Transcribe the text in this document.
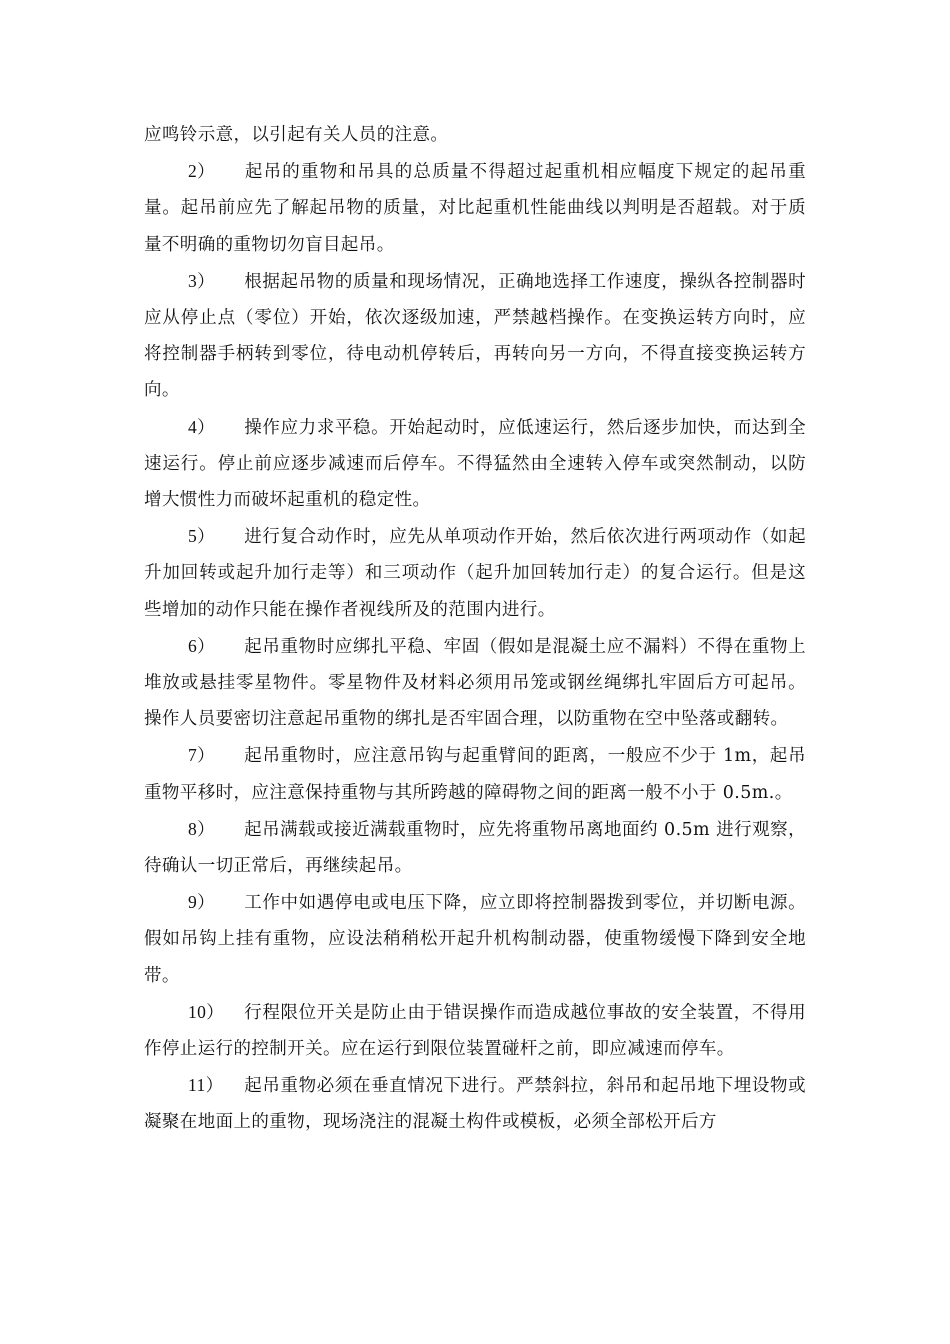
应鸣铃示意，以引起有关人员的注意。

2） 起吊的重物和吊具的总质量不得超过起重机相应幅度下规定的起吊重量。起吊前应先了解起吊物的质量，对比起重机性能曲线以判明是否超载。对于质量不明确的重物切勿盲目起吊。

3） 根据起吊物的质量和现场情况，正确地选择工作速度，操纵各控制器时应从停止点（零位）开始，依次逐级加速，严禁越档操作。在变换运转方向时，应将控制器手柄转到零位，待电动机停转后，再转向另一方向，不得直接变换运转方向。

4） 操作应力求平稳。开始起动时，应低速运行，然后逐步加快，而达到全速运行。停止前应逐步减速而后停车。不得猛然由全速转入停车或突然制动，以防增大惯性力而破坏起重机的稳定性。

5） 进行复合动作时，应先从单项动作开始，然后依次进行两项动作（如起升加回转或起升加行走等）和三项动作（起升加回转加行走）的复合运行。但是这些增加的动作只能在操作者视线所及的范围内进行。

6） 起吊重物时应绑扎平稳、牢固（假如是混凝土应不漏料）不得在重物上堆放或悬挂零星物件。零星物件及材料必须用吊笼或钢丝绳绑扎牢固后方可起吊。操作人员要密切注意起吊重物的绑扎是否牢固合理，以防重物在空中坠落或翻转。

7） 起吊重物时，应注意吊钩与起重臂间的距离，一般应不少于 1m，起吊重物平移时，应注意保持重物与其所跨越的障碍物之间的距离一般不小于 0.5m.。

8） 起吊满载或接近满载重物时，应先将重物吊离地面约 0.5m 进行观察，待确认一切正常后，再继续起吊。

9） 工作中如遇停电或电压下降，应立即将控制器拨到零位，并切断电源。假如吊钩上挂有重物，应设法稍稍松开起升机构制动器，使重物缓慢下降到安全地带。

10） 行程限位开关是防止由于错误操作而造成越位事故的安全装置，不得用作停止运行的控制开关。应在运行到限位装置碰杆之前，即应减速而停车。

11） 起吊重物必须在垂直情况下进行。严禁斜拉，斜吊和起吊地下埋设物或凝聚在地面上的重物，现场浇注的混凝土构件或模板，必须全部松开后方
